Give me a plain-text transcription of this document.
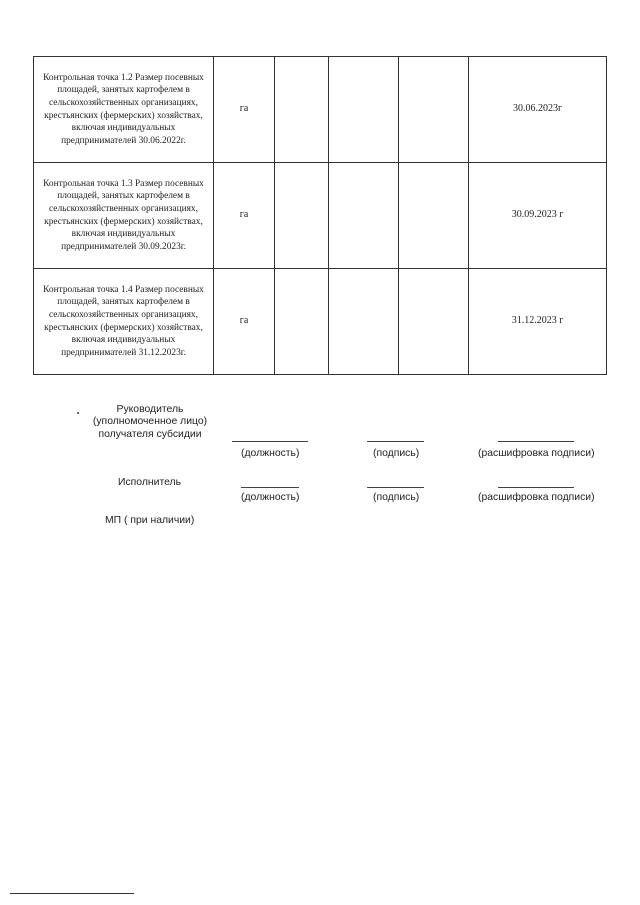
Контрольная точка 1.2 Размер посевных площадей, занятых картофелем в сельскохозяйственных организациях, крестьянских (фермерских) хозяйствах, включая индивидуальных предпринимателей 30.06.2022г.	га				30.06.2023г
Контрольная точка 1.3 Размер посевных площадей, занятых картофелем в сельскохозяйственных организациях, крестьянских (фермерских) хозяйствах, включая индивидуальных предпринимателей 30.09.2023г.	га				30.09.2023 г
Контрольная точка 1.4 Размер посевных площадей, занятых картофелем в сельскохозяйственных организациях, крестьянских (фермерских) хозяйствах, включая индивидуальных предпринимателей 31.12.2023г.	га				31.12.2023 г
Руководитель
(уполномоченное лицо)
получателя субсидии
(должность)	(подпись)	(расшифровка подписи)
Исполнитель
(должность)	(подпись)	(расшифровка подписи)
МП ( при наличии)
